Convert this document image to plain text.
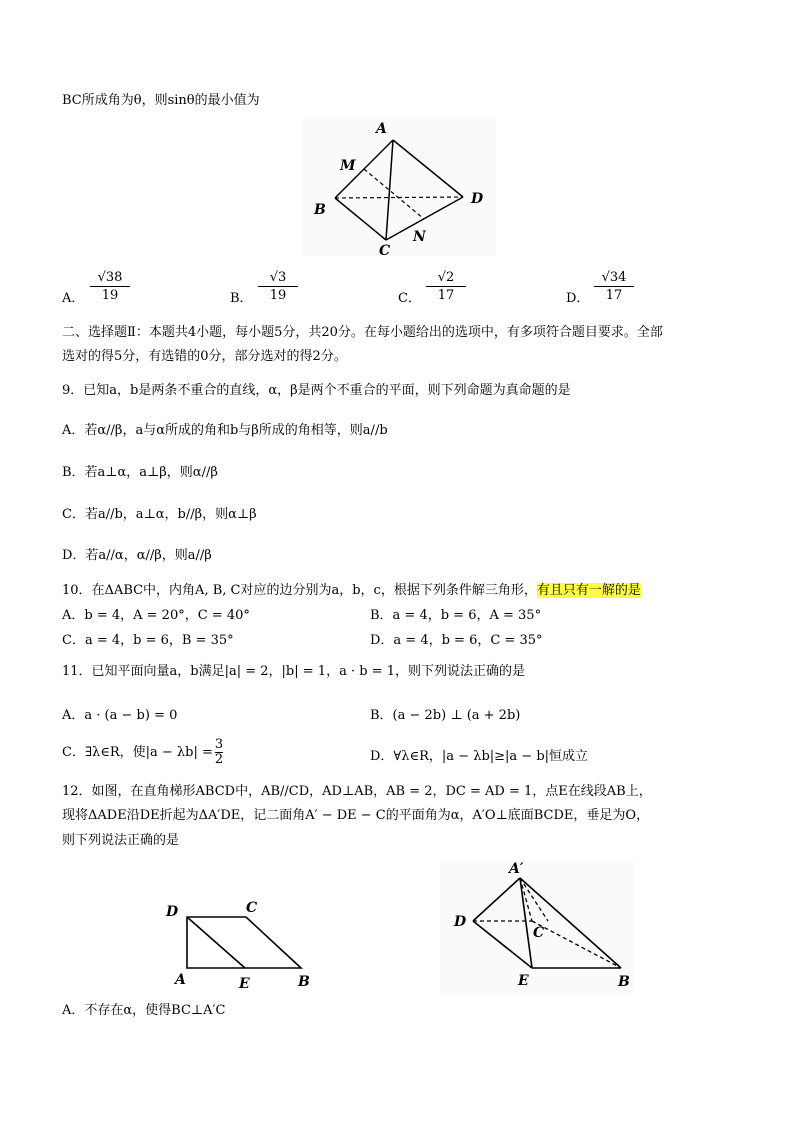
BC所成角为θ，则sinθ的最小值为
A
B
C
D
M
N
A． $\frac{√38}{19}$	B． $\frac{√3}{19}$	C． $\frac{√2}{17}$	D． $\frac{√34}{17}$
二、选择题Ⅱ：本题共4小题，每小题5分，共20分。在每小题给出的选项中，有多项符合题目要求。全部
选对的得5分，有选错的0分，部分选对的得2分。
9．已知a，b是两条不重合的直线，α，β是两个不重合的平面，则下列命题为真命题的是
A．若α//β，a与α所成的角和b与β所成的角相等，则a//b
B．若a⊥α，a⊥β，则α//β
C．若a//b，a⊥α，b//β，则α⊥β
D．若a//α，α//β，则a//β
10．在ΔABC中，内角A, B, C对应的边分别为a，b，c，根据下列条件解三角形，有且只有一解的是
A．b = 4，A = 20°，C = 40°	B．a = 4，b = 6，A = 35°
C．a = 4，b = 6，B = 35°	D．a = 4，b = 6，C = 35°
11．已知平面向量a，b满足|a| = 2，|b| = 1，a · b = 1，则下列说法正确的是
A．a · (a − b) = 0	B．(a − 2b) ⊥ (a + 2b)
C．∃λ∈R，使$|a - \lambda b| = \frac{3}{2}$	D．∀λ∈R，|a − λb|≥|a − b|恒成立
12．如图，在直角梯形ABCD中，AB//CD，AD⊥AB，AB = 2，DC = AD = 1，点E在线段AB上，
现将ΔADE沿DE折起为ΔA′DE，记二面角A′ − DE − C的平面角为α，A′O⊥底面BCDE，垂足为O，
则下列说法正确的是
D	C
A	E	B
A′
D
C
E	B
A．不存在α，使得BC⊥A′C
